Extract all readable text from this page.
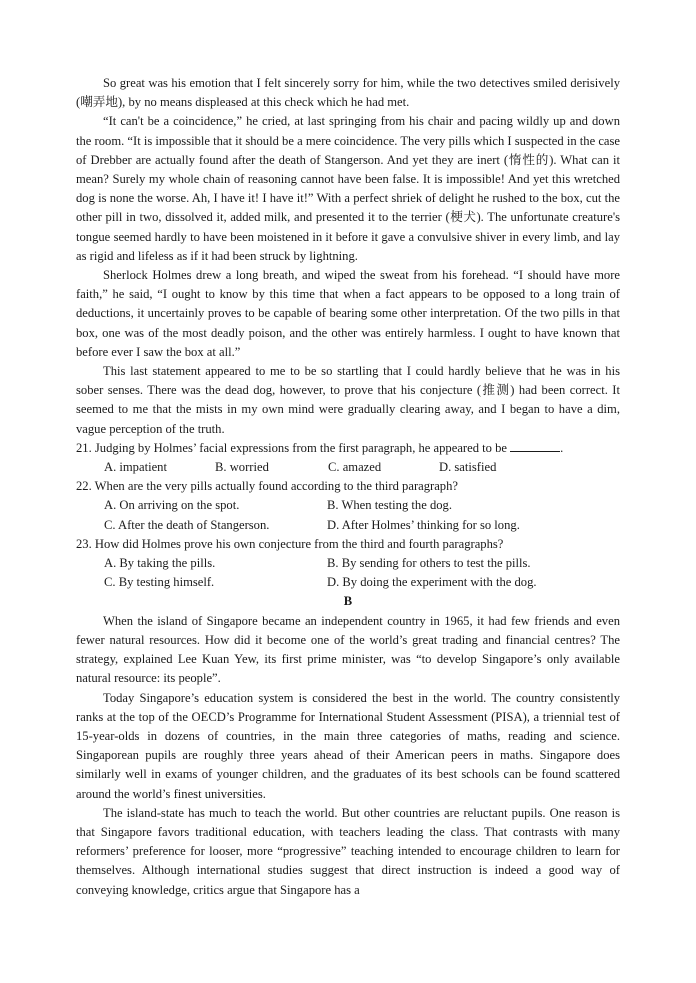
So great was his emotion that I felt sincerely sorry for him, while the two detectives smiled derisively (嘲弄地), by no means displeased at this check which he had met.

“It can't be a coincidence,” he cried, at last springing from his chair and pacing wildly up and down the room. “It is impossible that it should be a mere coincidence. The very pills which I suspected in the case of Drebber are actually found after the death of Stangerson. And yet they are inert (惰性的). What can it mean? Surely my whole chain of reasoning cannot have been false. It is impossible! And yet this wretched dog is none the worse. Ah, I have it! I have it!” With a perfect shriek of delight he rushed to the box, cut the other pill in two, dissolved it, added milk, and presented it to the terrier (梗犬). The unfortunate creature's tongue seemed hardly to have been moistened in it before it gave a convulsive shiver in every limb, and lay as rigid and lifeless as if it had been struck by lightning.

Sherlock Holmes drew a long breath, and wiped the sweat from his forehead. “I should have more faith,” he said, “I ought to know by this time that when a fact appears to be opposed to a long train of deductions, it uncertainly proves to be capable of bearing some other interpretation. Of the two pills in that box, one was of the most deadly poison, and the other was entirely harmless. I ought to have known that before ever I saw the box at all.”

This last statement appeared to me to be so startling that I could hardly believe that he was in his sober senses. There was the dead dog, however, to prove that his conjecture (推测) had been correct. It seemed to me that the mists in my own mind were gradually clearing away, and I began to have a dim, vague perception of the truth.

21. Judging by Holmes’ facial expressions from the first paragraph, he appeared to be	.

A. impatient	B. worried	C. amazed	D. satisfied

22. When are the very pills actually found according to the third paragraph?

A. On arriving on the spot.	B. When testing the dog.
C. After the death of Stangerson.	D. After Holmes’ thinking for so long.

23. How did Holmes prove his own conjecture from the third and fourth paragraphs?

A. By taking the pills.	B. By sending for others to test the pills.
C. By testing himself.	D. By doing the experiment with the dog.

B

When the island of Singapore became an independent country in 1965, it had few friends and even fewer natural resources. How did it become one of the world’s great trading and financial centres? The strategy, explained Lee Kuan Yew, its first prime minister, was “to develop Singapore’s only available natural resource: its people”.

Today Singapore’s education system is considered the best in the world. The country consistently ranks at the top of the OECD’s Programme for International Student Assessment (PISA), a triennial test of 15-year-olds in dozens of countries, in the main three categories of maths, reading and science. Singaporean pupils are roughly three years ahead of their American peers in maths. Singapore does similarly well in exams of younger children, and the graduates of its best schools can be found scattered around the world’s finest universities.

The island-state has much to teach the world. But other countries are reluctant pupils. One reason is that Singapore favors traditional education, with teachers leading the class. That contrasts with many reformers’ preference for looser, more “progressive” teaching intended to encourage children to learn for themselves. Although international studies suggest that direct instruction is indeed a good way of conveying knowledge, critics argue that Singapore has a
